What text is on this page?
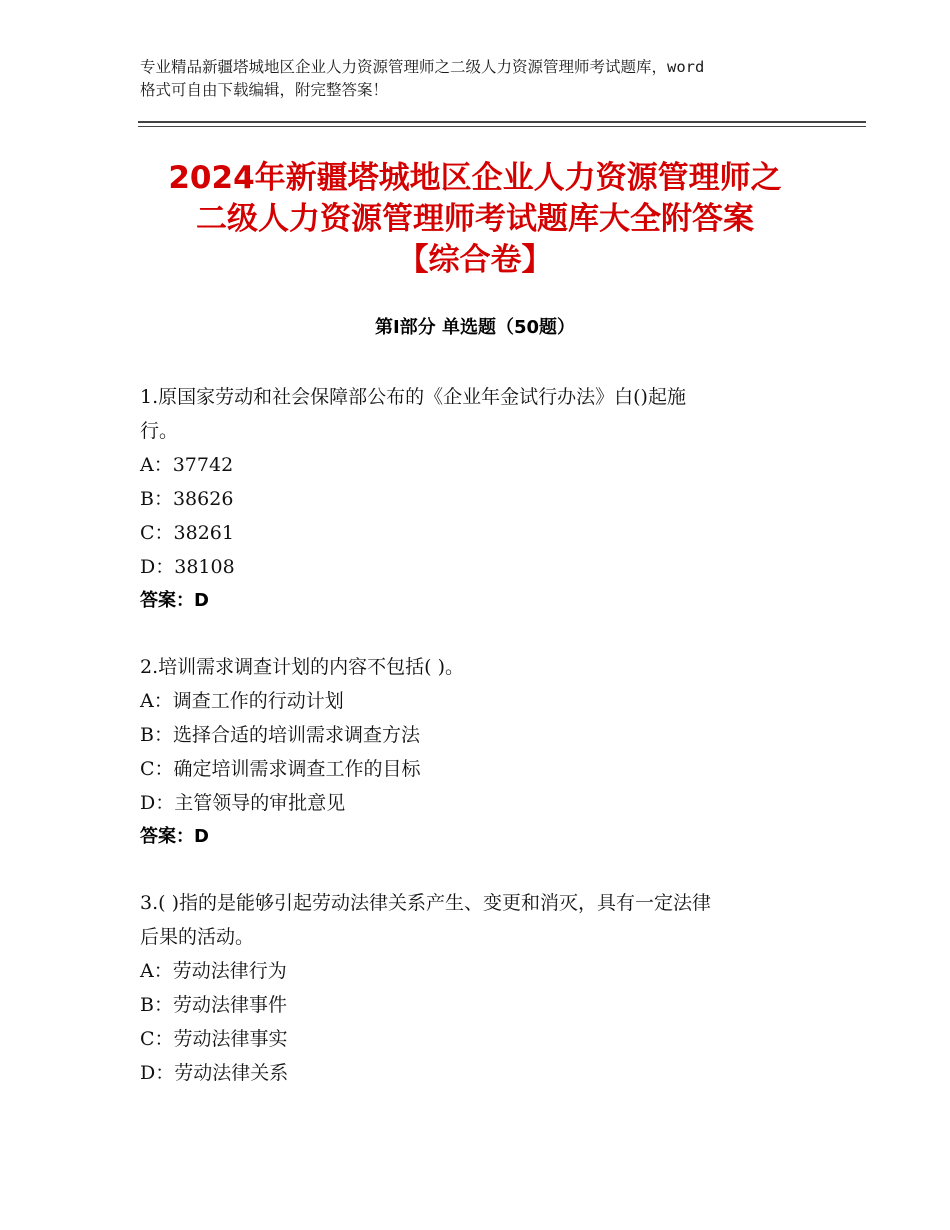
专业精品新疆塔城地区企业人力资源管理师之二级人力资源管理师考试题库，word
格式可自由下载编辑，附完整答案！
2024年新疆塔城地区企业人力资源管理师之
二级人力资源管理师考试题库大全附答案
【综合卷】
第Ⅰ部分 单选题（50题）
1.原国家劳动和社会保障部公布的《企业年金试行办法》白()起施
行。
A：37742
B：38626
C：38261
D：38108
答案：D
2.培训需求调查计划的内容不包括( )。
A：调查工作的行动计划
B：选择合适的培训需求调查方法
C：确定培训需求调查工作的目标
D：主管领导的审批意见
答案：D
3.( )指的是能够引起劳动法律关系产生、变更和消灭，具有一定法律
后果的活动。
A：劳动法律行为
B：劳动法律事件
C：劳动法律事实
D：劳动法律关系
